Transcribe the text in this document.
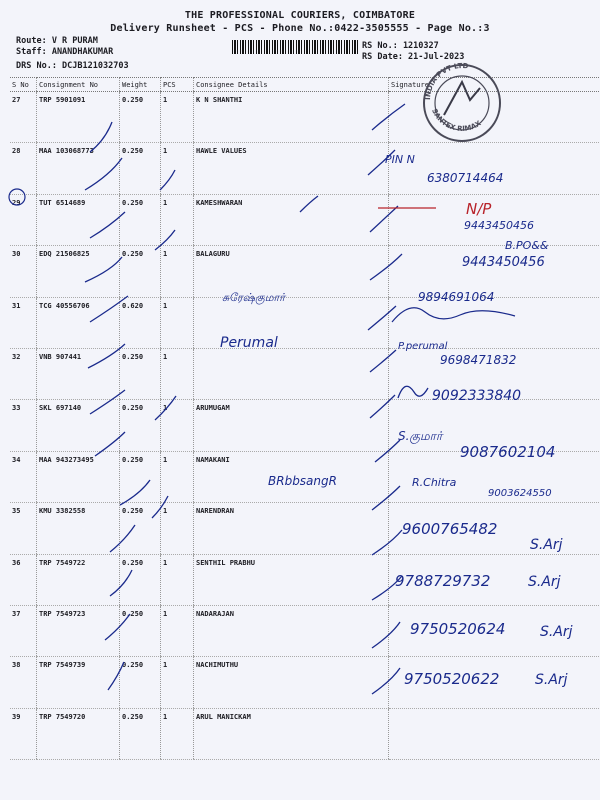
THE PROFESSIONAL COURIERS, COIMBATORE
Delivery Runsheet - PCS - Phone No.:0422-3505555 - Page No.:3
Route: V R PURAM
Staff: ANANDHAKUMAR
DRS No.: DCJB121032703
RS No.: 1210327
RS Date: 21-Jul-2023
S No	Consignment No	Weight	PCS	Consignee Details	Signature
27	TRP 5901091	0.250	1	K N SHANTHI	
28	MAA 103068773	0.250	1	HAWLE VALUES	
29	TUT 6514689	0.250	1	KAMESHWARAN	
30	EDQ 21506825	0.250	1	BALAGURU	
31	TCG 40556706	0.620	1		
32	VNB 907441	0.250	1		
33	SKL 697140	0.250	1	ARUMUGAM	
34	MAA 943273495	0.250	1	NAMAKANI	
35	KMU 3382558	0.250	1	NARENDRAN	
36	TRP 7549722	0.250	1	SENTHIL PRABHU	
37	TRP 7549723	0.250	1	NADARAJAN	
38	TRP 7549739	0.250	1	NACHIMUTHU	
39	TRP 7549720	0.250	1	ARUL MANICKAM	
INDIA PVT LTD
SANTEX RIMAX
PIN N
6380714464
N/P
9443450456
B.PO&&
9443450456
சுரேஷ்குமார்	9894691064
Perumal	P.perumal
9698471832
9092333840
S.குமார்
9087602104
BRbbsangR	R.Chitra
9003624550
9600765482
S.Arj
9788729732	S.Arj
9750520624 S.Arj
9750520622	S.Arj
